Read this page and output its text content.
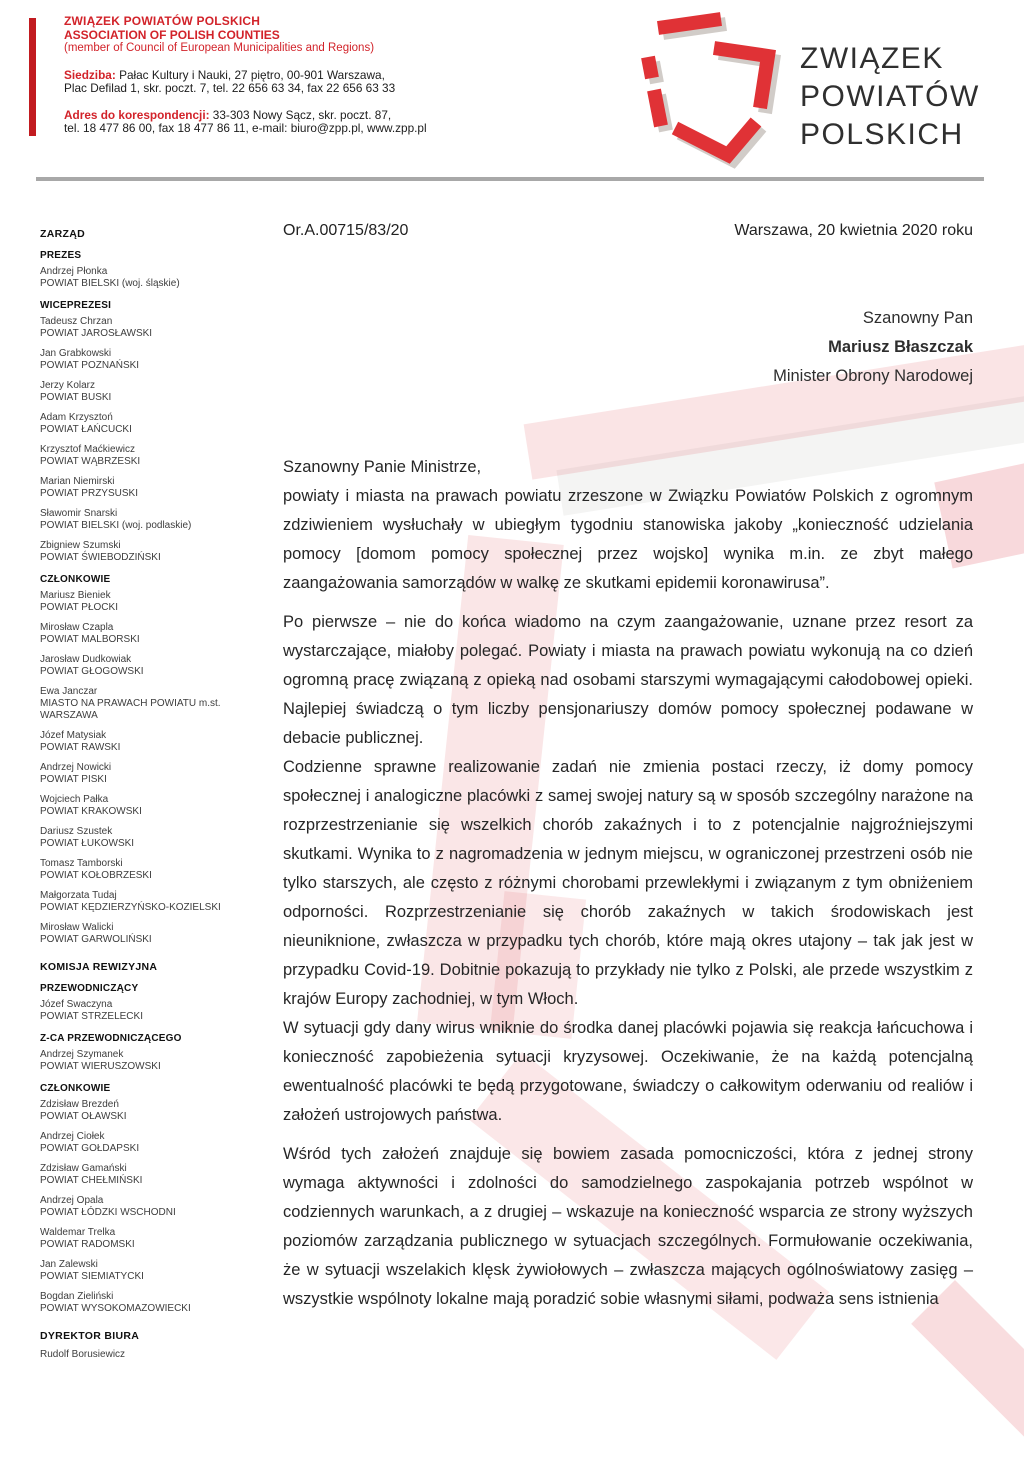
ZWIĄZEK POWIATÓW POLSKICH
ASSOCIATION OF POLISH COUNTIES
(member of Council of European Municipalities and Regions)
Siedziba: Pałac Kultury i Nauki, 27 piętro, 00-901 Warszawa,
Plac Defilad 1, skr. poczt. 7, tel. 22 656 63 34, fax 22 656 63 33
Adres do korespondencji: 33-303 Nowy Sącz, skr. poczt. 87,
tel. 18 477 86 00, fax 18 477 86 11, e-mail: biuro@zpp.pl, www.zpp.pl
ZWIĄZEK
POWIATÓW
POLSKICH
ZARZĄD
PREZES
Andrzej Płonka
POWIAT BIELSKI (woj. śląskie)
WICEPREZESI
Tadeusz Chrzan
POWIAT JAROSŁAWSKI
Jan Grabkowski
POWIAT POZNAŃSKI
Jerzy Kolarz
POWIAT BUSKI
Adam Krzysztoń
POWIAT ŁAŃCUCKI
Krzysztof Maćkiewicz
POWIAT WĄBRZESKI
Marian Niemirski
POWIAT PRZYSUSKI
Sławomir Snarski
POWIAT BIELSKI (woj. podlaskie)
Zbigniew Szumski
POWIAT ŚWIEBODZIŃSKI
CZŁONKOWIE
Mariusz Bieniek
POWIAT PŁOCKI
Mirosław Czapla
POWIAT MALBORSKI
Jarosław Dudkowiak
POWIAT GŁOGOWSKI
Ewa Janczar
MIASTO NA PRAWACH POWIATU m.st. WARSZAWA
Józef Matysiak
POWIAT RAWSKI
Andrzej Nowicki
POWIAT PISKI
Wojciech Pałka
POWIAT KRAKOWSKI
Dariusz Szustek
POWIAT ŁUKOWSKI
Tomasz Tamborski
POWIAT KOŁOBRZESKI
Małgorzata Tudaj
POWIAT KĘDZIERZYŃSKO-KOZIELSKI
Mirosław Walicki
POWIAT GARWOLIŃSKI
KOMISJA REWIZYJNA
PRZEWODNICZĄCY
Józef Swaczyna
POWIAT STRZELECKI
Z-CA PRZEWODNICZĄCEGO
Andrzej Szymanek
POWIAT WIERUSZOWSKI
CZŁONKOWIE
Zdzisław Brezdeń
POWIAT OŁAWSKI
Andrzej Ciołek
POWIAT GOŁDAPSKI
Zdzisław Gamański
POWIAT CHEŁMIŃSKI
Andrzej Opala
POWIAT ŁÓDZKI WSCHODNI
Waldemar Trelka
POWIAT RADOMSKI
Jan Zalewski
POWIAT SIEMIATYCKI
Bogdan Zieliński
POWIAT WYSOKOMAZOWIECKI
DYREKTOR BIURA
Rudolf Borusiewicz
Or.A.00715/83/20	Warszawa, 20 kwietnia 2020 roku
Szanowny Pan
Mariusz Błaszczak
Minister Obrony Narodowej
Szanowny Panie Ministrze,

powiaty i miasta na prawach powiatu zrzeszone w Związku Powiatów Polskich z ogromnym zdziwieniem wysłuchały w ubiegłym tygodniu stanowiska jakoby „konieczność udzielania pomocy [domom pomocy społecznej przez wojsko] wynika m.in. ze zbyt małego zaangażowania samorządów w walkę ze skutkami epidemii koronawirusa”.

Po pierwsze – nie do końca wiadomo na czym zaangażowanie, uznane przez resort za wystarczające, miałoby polegać. Powiaty i miasta na prawach powiatu wykonują na co dzień ogromną pracę związaną z opieką nad osobami starszymi wymagającymi całodobowej opieki. Najlepiej świadczą o tym liczby pensjonariuszy domów pomocy społecznej podawane w debacie publicznej.

Codzienne sprawne realizowanie zadań nie zmienia postaci rzeczy, iż domy pomocy społecznej i analogiczne placówki z samej swojej natury są w sposób szczególny narażone na rozprzestrzenianie się wszelkich chorób zakaźnych i to z potencjalnie najgroźniejszymi skutkami. Wynika to z nagromadzenia w jednym miejscu, w ograniczonej przestrzeni osób nie tylko starszych, ale często z różnymi chorobami przewlekłymi i związanym z tym obniżeniem odporności. Rozprzestrzenianie się chorób zakaźnych w takich środowiskach jest nieuniknione, zwłaszcza w przypadku tych chorób, które mają okres utajony – tak jak jest w przypadku Covid-19. Dobitnie pokazują to przykłady nie tylko z Polski, ale przede wszystkim z krajów Europy zachodniej, w tym Włoch.

W sytuacji gdy dany wirus wniknie do środka danej placówki pojawia się reakcja łańcuchowa i konieczność zapobieżenia sytuacji kryzysowej. Oczekiwanie, że na każdą potencjalną ewentualność placówki te będą przygotowane, świadczy o całkowitym oderwaniu od realiów i założeń ustrojowych państwa.

Wśród tych założeń znajduje się bowiem zasada pomocniczości, która z jednej strony wymaga aktywności i zdolności do samodzielnego zaspokajania potrzeb wspólnot w codziennych warunkach, a z drugiej – wskazuje na konieczność wsparcia ze strony wyższych poziomów zarządzania publicznego w sytuacjach szczególnych. Formułowanie oczekiwania, że w sytuacji wszelakich klęsk żywiołowych – zwłaszcza mających ogólnoświatowy zasięg – wszystkie wspólnoty lokalne mają poradzić sobie własnymi siłami, podważa sens istnienia
